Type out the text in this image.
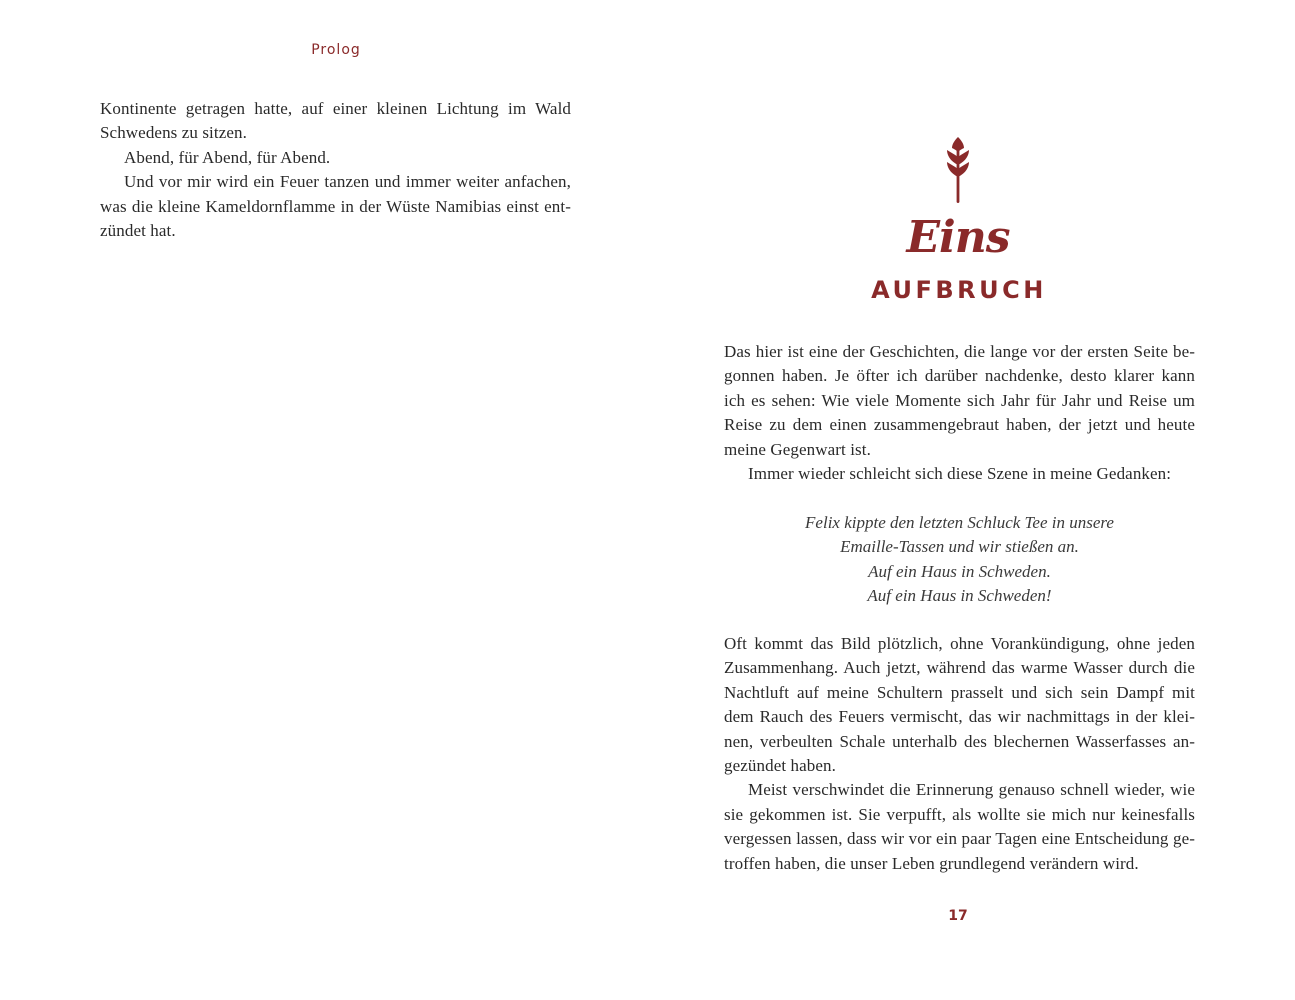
Prolog
Kontinente getragen hatte, auf einer kleinen Lichtung im Wald
Schwedens zu sitzen.
Abend, für Abend, für Abend.
Und vor mir wird ein Feuer tanzen und immer weiter anfachen,
was die kleine Kameldornflamme in der Wüste Namibias einst ent-
zündet hat.	Eins
AUFBRUCH
Das hier ist eine der Geschichten, die lange vor der ersten Seite be-
gonnen haben. Je öfter ich darüber nachdenke, desto klarer kann
ich es sehen: Wie viele Momente sich Jahr für Jahr und Reise um
Reise zu dem einen zusammengebraut haben, der jetzt und heute
meine Gegenwart ist.
Immer wieder schleicht sich diese Szene in meine Gedanken:
Felix kippte den letzten Schluck Tee in unsere
Emaille-Tassen und wir stießen an.
Auf ein Haus in Schweden.
Auf ein Haus in Schweden!
Oft kommt das Bild plötzlich, ohne Vorankündigung, ohne jeden
Zusammenhang. Auch jetzt, während das warme Wasser durch die
Nachtluft auf meine Schultern prasselt und sich sein Dampf mit
dem Rauch des Feuers vermischt, das wir nachmittags in der klei-
nen, verbeulten Schale unterhalb des blechernen Wasserfasses an-
gezündet haben.
Meist verschwindet die Erinnerung genauso schnell wieder, wie
sie gekommen ist. Sie verpufft, als wollte sie mich nur keinesfalls
vergessen lassen, dass wir vor ein paar Tagen eine Entscheidung ge-
troffen haben, die unser Leben grundlegend verändern wird.
17
